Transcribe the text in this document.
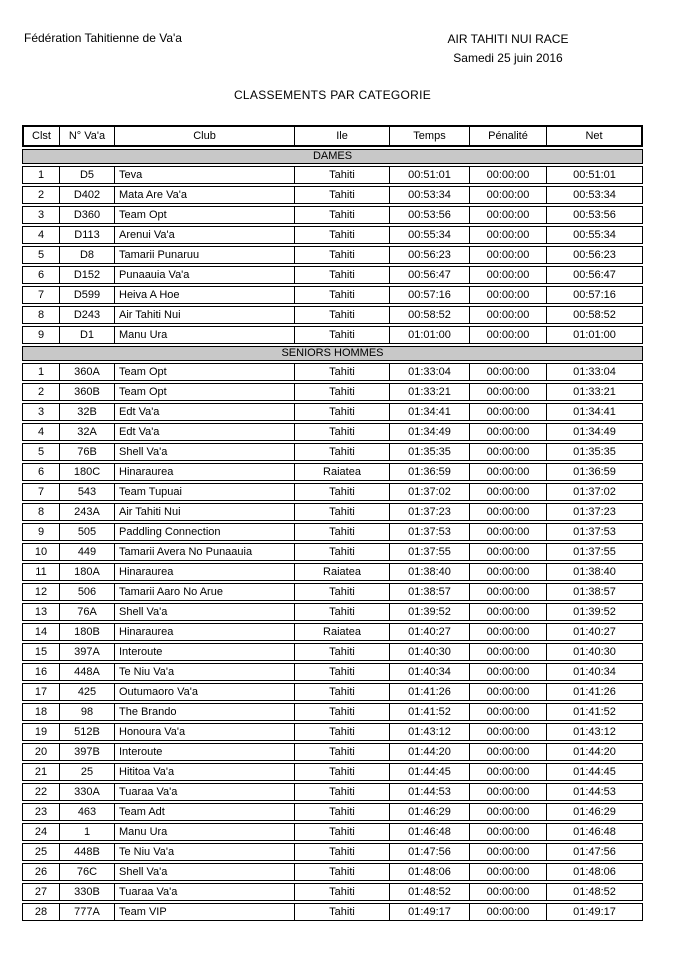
Fédération Tahitienne de Va'a	AIR TAHITI NUI RACE
Samedi 25 juin 2016
CLASSEMENTS PAR CATEGORIE
Clst	N° Va'a	Club	Ile	Temps	Pénalité	Net
DAMES						
1	D5	Teva	Tahiti	00:51:01	00:00:00	00:51:01
2	D402	Mata Are Va'a	Tahiti	00:53:34	00:00:00	00:53:34
3	D360	Team Opt	Tahiti	00:53:56	00:00:00	00:53:56
4	D113	Arenui Va'a	Tahiti	00:55:34	00:00:00	00:55:34
5	D8	Tamarii Punaruu	Tahiti	00:56:23	00:00:00	00:56:23
6	D152	Punaauia Va'a	Tahiti	00:56:47	00:00:00	00:56:47
7	D599	Heiva A Hoe	Tahiti	00:57:16	00:00:00	00:57:16
8	D243	Air Tahiti Nui	Tahiti	00:58:52	00:00:00	00:58:52
9	D1	Manu Ura	Tahiti	01:01:00	00:00:00	01:01:00
SENIORS HOMMES						
1	360A	Team Opt	Tahiti	01:33:04	00:00:00	01:33:04
2	360B	Team Opt	Tahiti	01:33:21	00:00:00	01:33:21
3	32B	Edt Va'a	Tahiti	01:34:41	00:00:00	01:34:41
4	32A	Edt Va'a	Tahiti	01:34:49	00:00:00	01:34:49
5	76B	Shell Va'a	Tahiti	01:35:35	00:00:00	01:35:35
6	180C	Hinaraurea	Raiatea	01:36:59	00:00:00	01:36:59
7	543	Team Tupuai	Tahiti	01:37:02	00:00:00	01:37:02
8	243A	Air Tahiti Nui	Tahiti	01:37:23	00:00:00	01:37:23
9	505	Paddling Connection	Tahiti	01:37:53	00:00:00	01:37:53
10	449	Tamarii Avera No Punaauia	Tahiti	01:37:55	00:00:00	01:37:55
11	180A	Hinaraurea	Raiatea	01:38:40	00:00:00	01:38:40
12	506	Tamarii Aaro No Arue	Tahiti	01:38:57	00:00:00	01:38:57
13	76A	Shell Va'a	Tahiti	01:39:52	00:00:00	01:39:52
14	180B	Hinaraurea	Raiatea	01:40:27	00:00:00	01:40:27
15	397A	Interoute	Tahiti	01:40:30	00:00:00	01:40:30
16	448A	Te Niu Va'a	Tahiti	01:40:34	00:00:00	01:40:34
17	425	Outumaoro Va'a	Tahiti	01:41:26	00:00:00	01:41:26
18	98	The Brando	Tahiti	01:41:52	00:00:00	01:41:52
19	512B	Honoura Va'a	Tahiti	01:43:12	00:00:00	01:43:12
20	397B	Interoute	Tahiti	01:44:20	00:00:00	01:44:20
21	25	Hititoa Va'a	Tahiti	01:44:45	00:00:00	01:44:45
22	330A	Tuaraa Va'a	Tahiti	01:44:53	00:00:00	01:44:53
23	463	Team Adt	Tahiti	01:46:29	00:00:00	01:46:29
24	1	Manu Ura	Tahiti	01:46:48	00:00:00	01:46:48
25	448B	Te Niu Va'a	Tahiti	01:47:56	00:00:00	01:47:56
26	76C	Shell Va'a	Tahiti	01:48:06	00:00:00	01:48:06
27	330B	Tuaraa Va'a	Tahiti	01:48:52	00:00:00	01:48:52
28	777A	Team VIP	Tahiti	01:49:17	00:00:00	01:49:17
